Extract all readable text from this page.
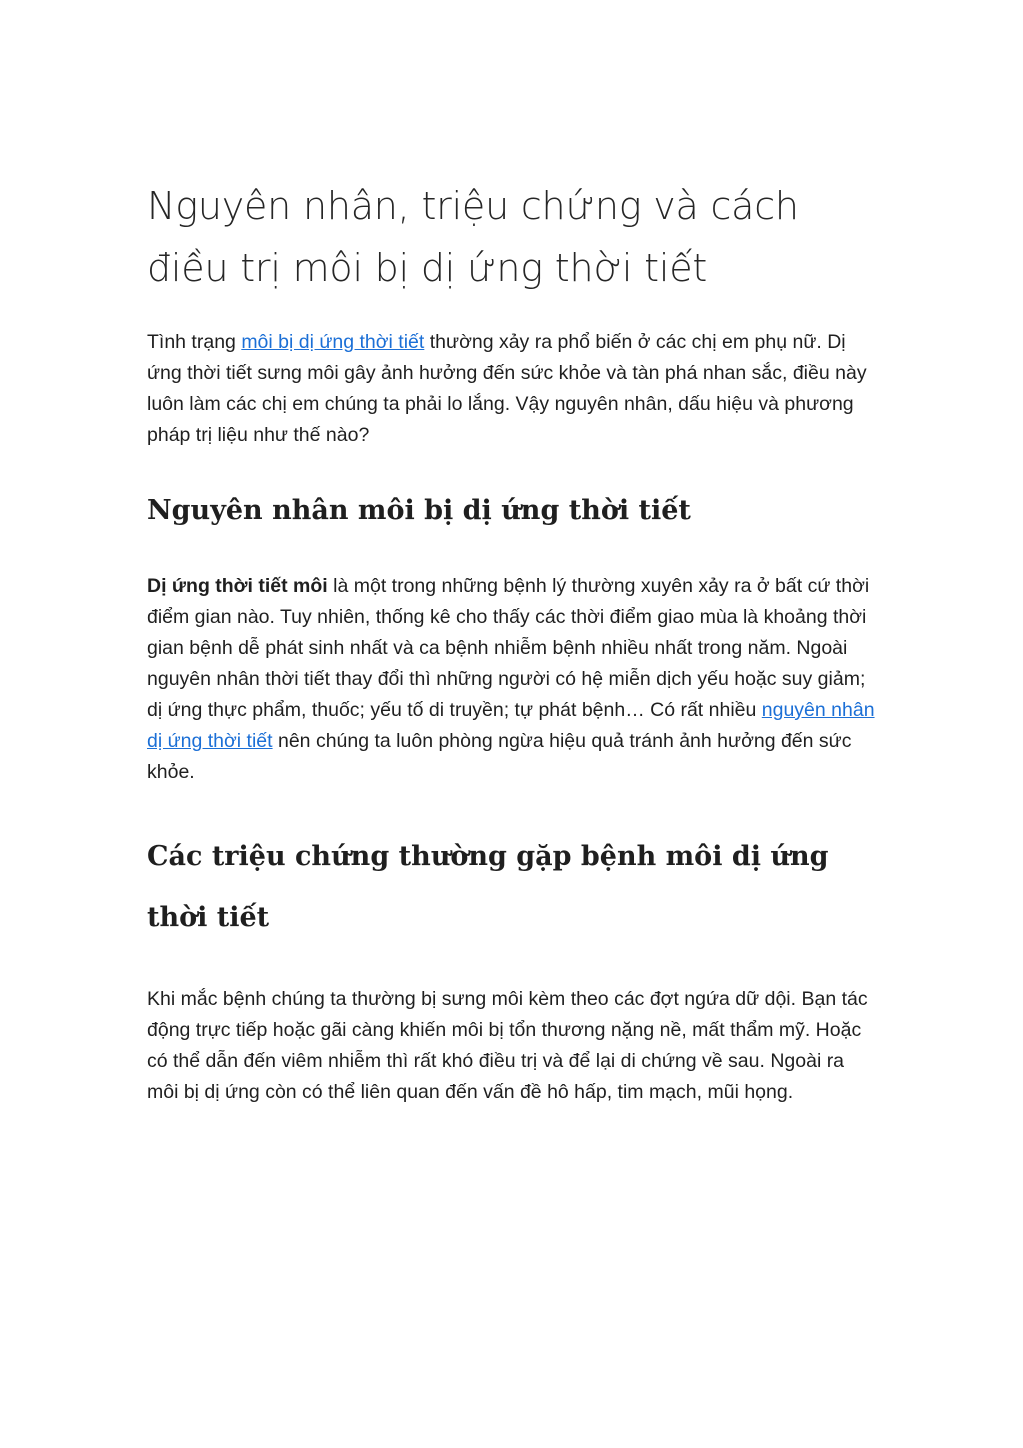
Nguyên nhân, triệu chứng và cách điều trị môi bị dị ứng thời tiết

Tình trạng môi bị dị ứng thời tiết thường xảy ra phổ biến ở các chị em phụ nữ. Dị ứng thời tiết sưng môi gây ảnh hưởng đến sức khỏe và tàn phá nhan sắc, điều này luôn làm các chị em chúng ta phải lo lắng. Vậy nguyên nhân, dấu hiệu và phương pháp trị liệu như thế nào?

Nguyên nhân môi bị dị ứng thời tiết

Dị ứng thời tiết môi là một trong những bệnh lý thường xuyên xảy ra ở bất cứ thời điểm gian nào. Tuy nhiên, thống kê cho thấy các thời điểm giao mùa là khoảng thời gian bệnh dễ phát sinh nhất và ca bệnh nhiễm bệnh nhiều nhất trong năm. Ngoài nguyên nhân thời tiết thay đổi thì những người có hệ miễn dịch yếu hoặc suy giảm; dị ứng thực phẩm, thuốc; yếu tố di truyền; tự phát bệnh… Có rất nhiều nguyên nhân dị ứng thời tiết nên chúng ta luôn phòng ngừa hiệu quả tránh ảnh hưởng đến sức khỏe.

Các triệu chứng thường gặp bệnh môi dị ứng thời tiết

Khi mắc bệnh chúng ta thường bị sưng môi kèm theo các đợt ngứa dữ dội. Bạn tác động trực tiếp hoặc gãi càng khiến môi bị tổn thương nặng nề, mất thẩm mỹ. Hoặc có thể dẫn đến viêm nhiễm thì rất khó điều trị và để lại di chứng về sau. Ngoài ra môi bị dị ứng còn có thể liên quan đến vấn đề hô hấp, tim mạch, mũi họng.
